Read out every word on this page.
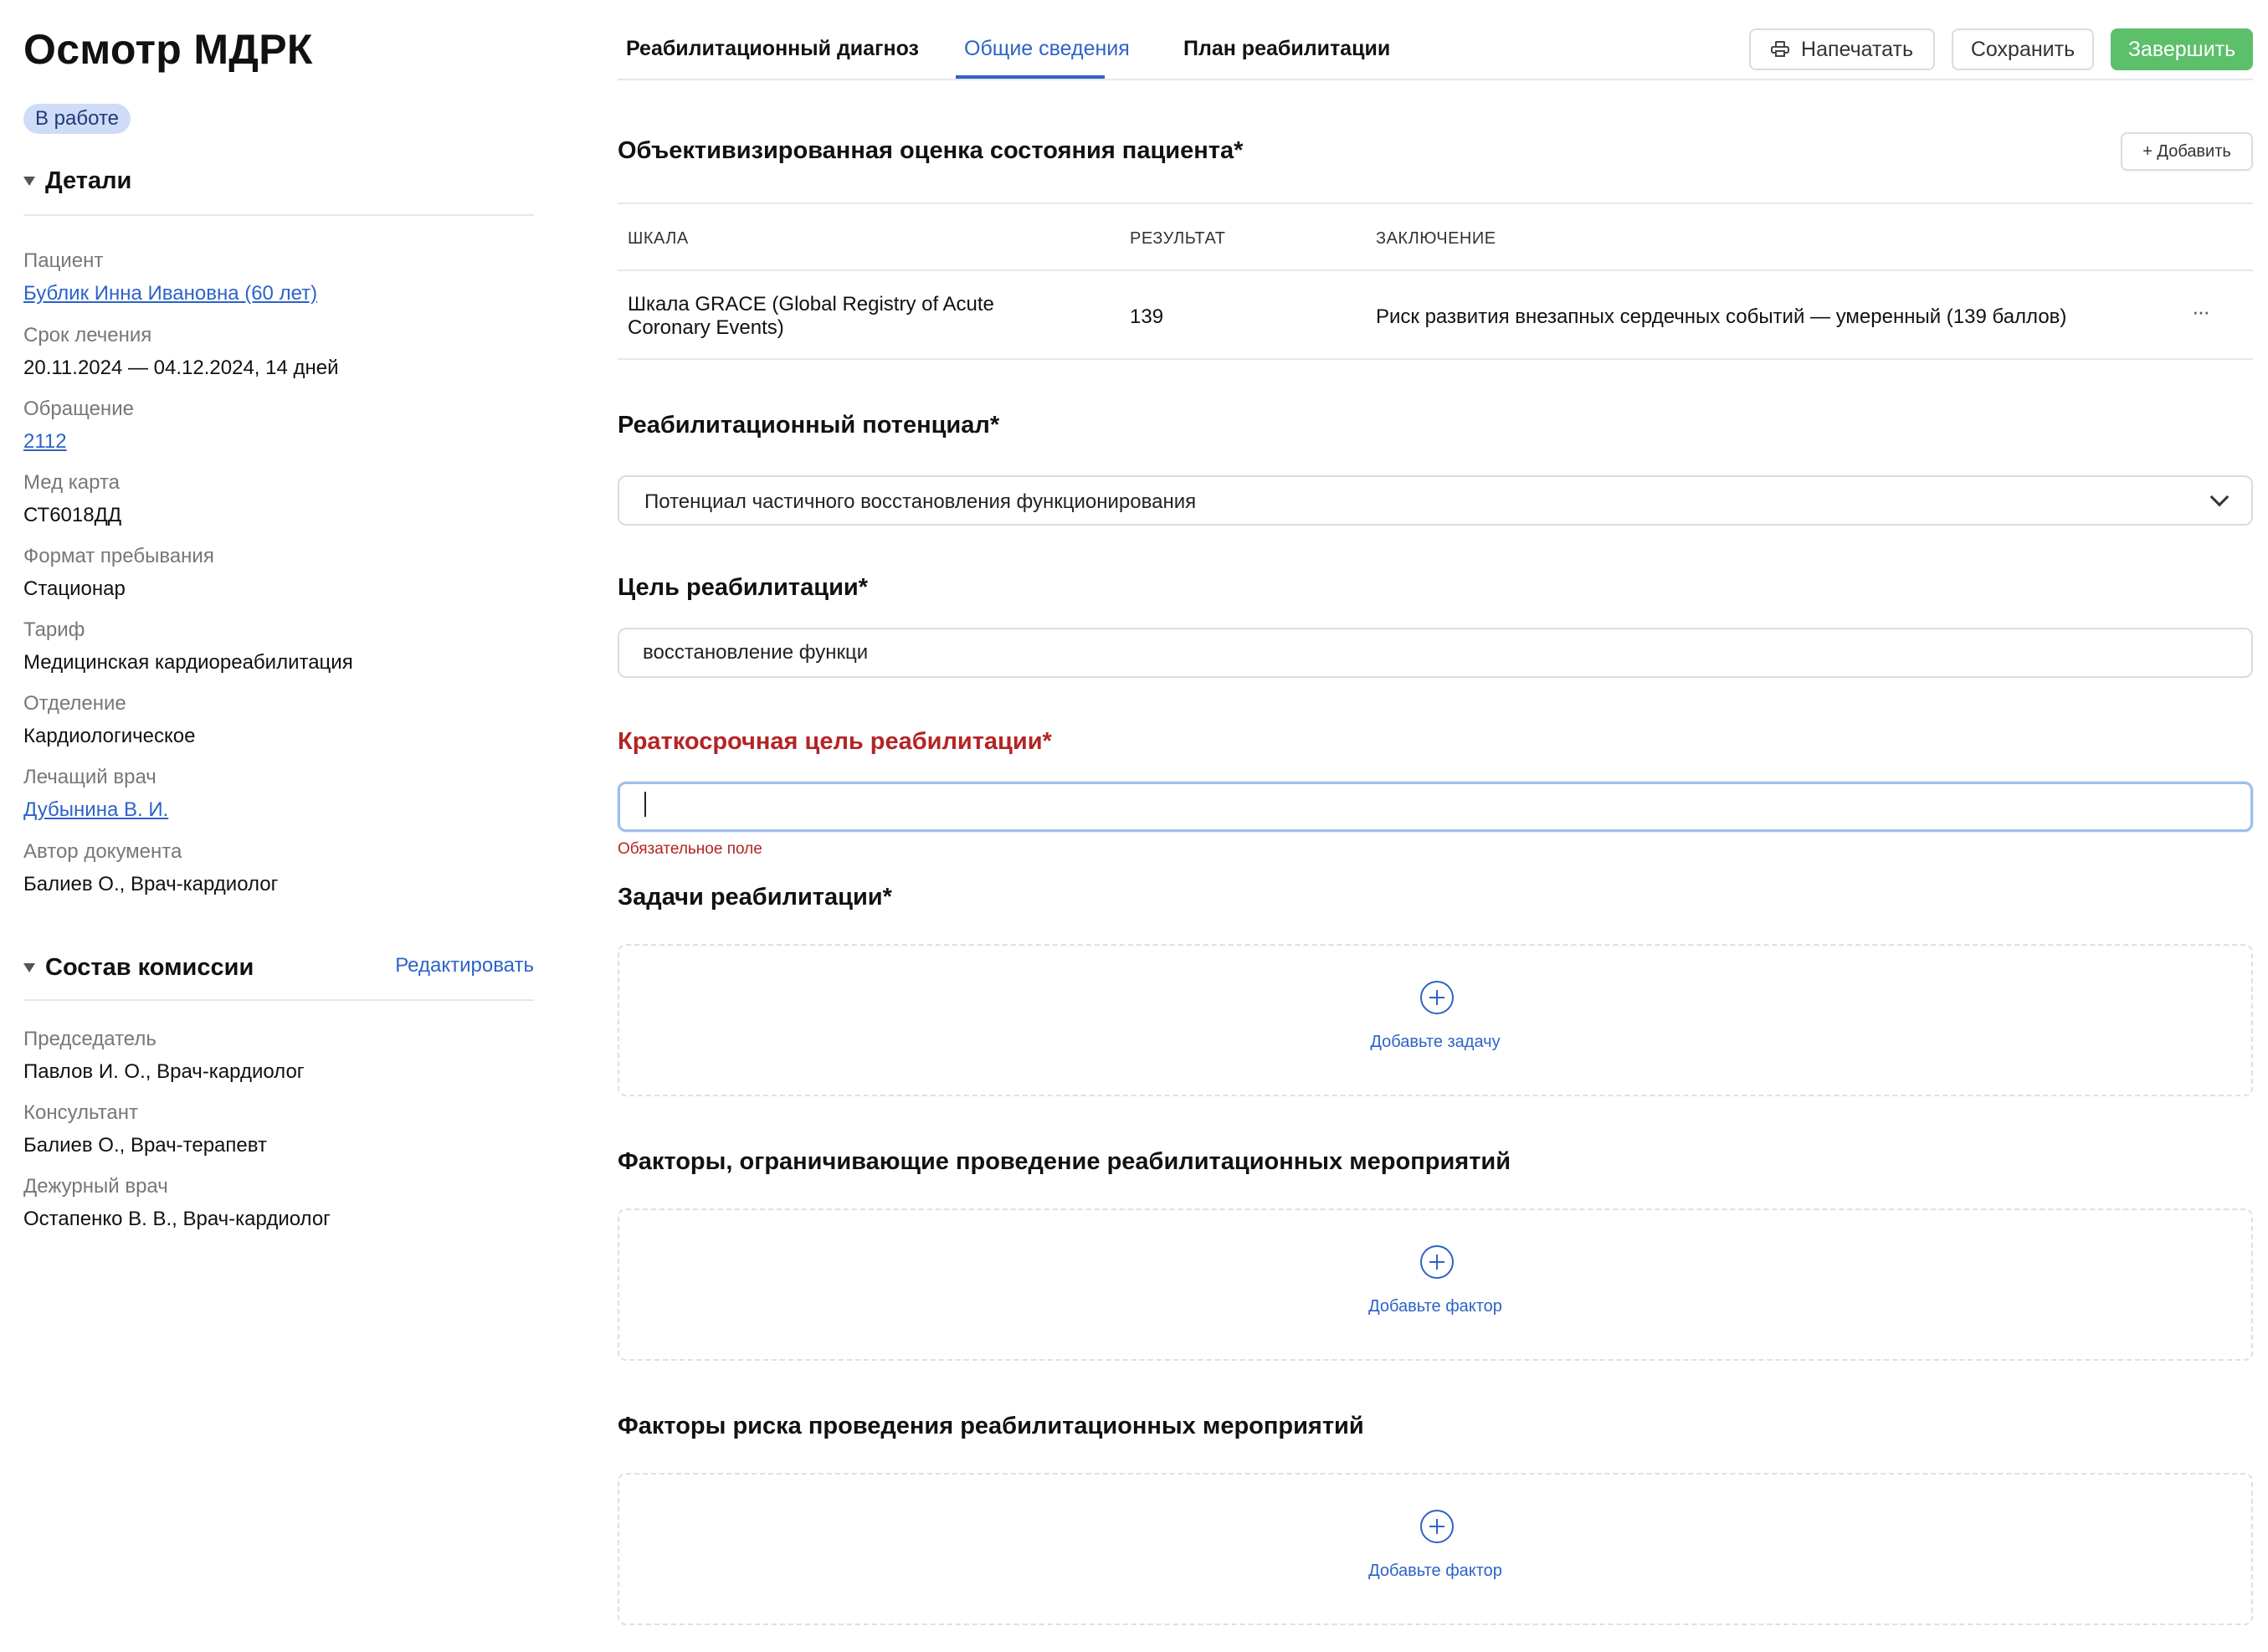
Осмотр МДРК
В работе
Детали
Пациент
Бублик Инна Ивановна (60 лет)
Срок лечения
20.11.2024 — 04.12.2024, 14 дней
Обращение
2112
Мед карта
СТ6018ДД
Формат пребывания
Стационар
Тариф
Медицинская кардиореабилитация
Отделение
Кардиологическое
Лечащий врач
Дубынина В. И.
Автор документа
Балиев О., Врач-кардиолог
Состав комиссии	Редактировать
Председатель
Павлов И. О., Врач-кардиолог
Консультант
Балиев О., Врач-терапевт
Дежурный врач
Остапенко В. В., Врач-кардиолог
Реабилитационный диагноз Общие сведения	План реабилитации	Напечатать	Сохранить	Завершить
Объективизированная оценка состояния пациента*	+ Добавить
ШКАЛА	РЕЗУЛЬТАТ	ЗАКЛЮЧЕНИЕ
Шкала GRACE (Global Registry of Acute Coronary Events)	139	Риск развития внезапных сердечных событий — умеренный (139 баллов)	···
Реабилитационный потенциал*
Потенциал частичного восстановления функционирования
Цель реабилитации*
восстановление функци
Краткосрочная цель реабилитации*
Обязательное поле
Задачи реабилитации*
Добавьте задачу
Факторы, ограничивающие проведение реабилитационных мероприятий
Добавьте фактор
Факторы риска проведения реабилитационных мероприятий
Добавьте фактор
